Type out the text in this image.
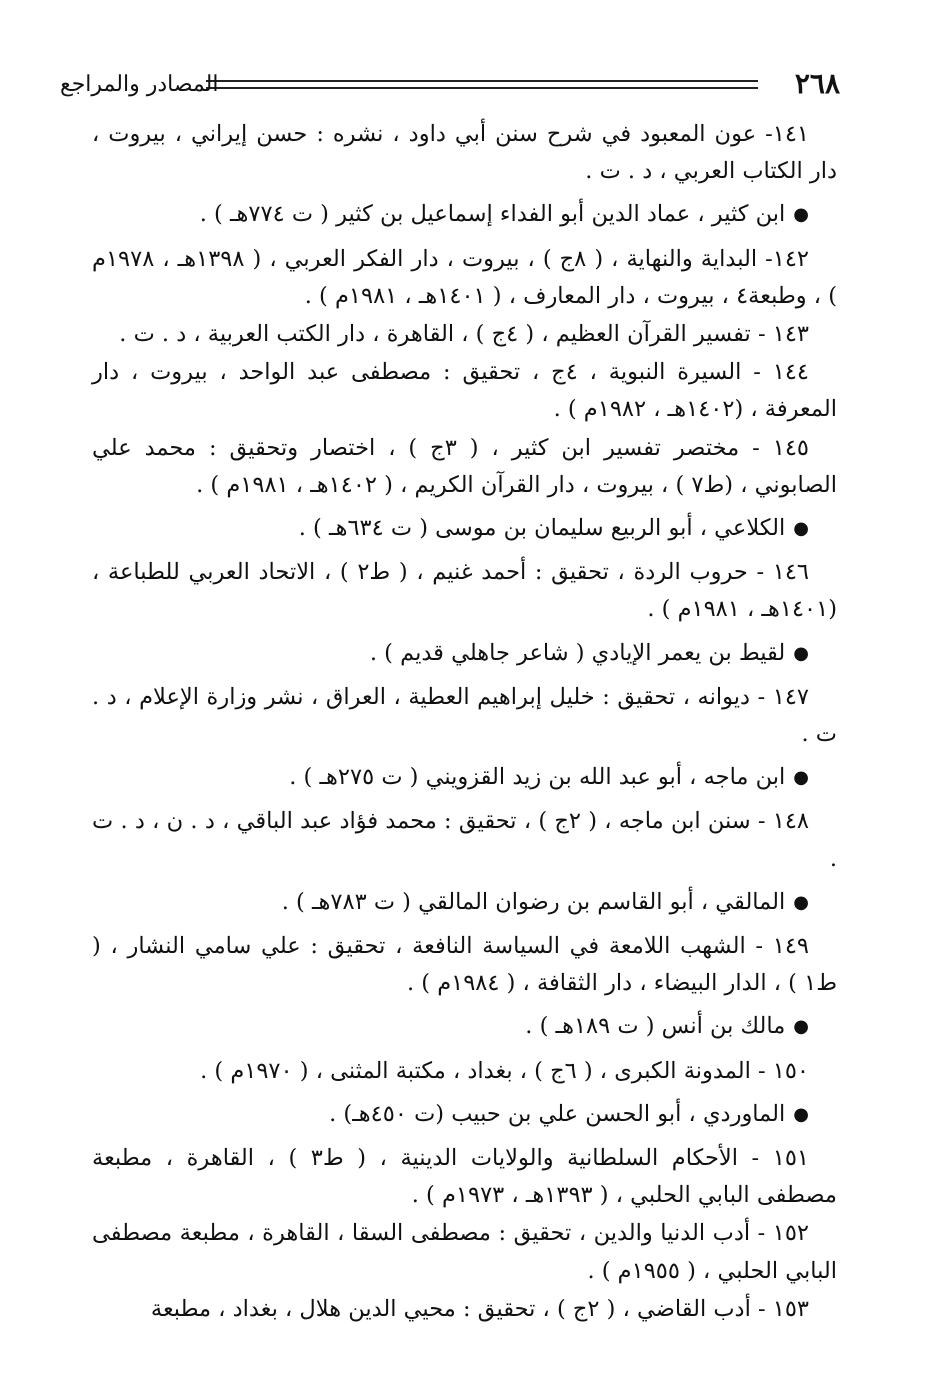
٢٦٨
المصادر والمراجع

١٤١- عون المعبود في شرح سنن أبي داود ، نشره : حسن إيراني ، بيروت ، دار الكتاب العربي ، د . ت .

●ابن كثير ، عماد الدين أبو الفداء إسماعيل بن كثير ( ت ٧٧٤هـ ) .

١٤٢- البداية والنهاية ، ( ٨ج ) ، بيروت ، دار الفكر العربي ، ( ١٣٩٨هـ ، ١٩٧٨م ) ، وطبعة٤ ، بيروت ، دار المعارف ، ( ١٤٠١هـ ، ١٩٨١م ) .

١٤٣ - تفسير القرآن العظيم ، ( ٤ج ) ، القاهرة ، دار الكتب العربية ، د . ت .

١٤٤ - السيرة النبوية ، ٤ج ، تحقيق : مصطفى عبد الواحد ، بيروت ، دار المعرفة ، (١٤٠٢هـ ، ١٩٨٢م ) .

١٤٥ - مختصر تفسير ابن كثير ، ( ٣ج ) ، اختصار وتحقيق : محمد علي الصابوني ، (ط٧ ) ، بيروت ، دار القرآن الكريم ، ( ١٤٠٢هـ ، ١٩٨١م ) .

●الكلاعي ، أبو الربيع سليمان بن موسى ( ت ٦٣٤هـ ) .

١٤٦ - حروب الردة ، تحقيق : أحمد غنيم ، ( ط٢ ) ، الاتحاد العربي للطباعة ، (١٤٠١هـ ، ١٩٨١م ) .

●لقيط بن يعمر الإيادي ( شاعر جاهلي قديم ) .

١٤٧ - ديوانه ، تحقيق : خليل إبراهيم العطية ، العراق ، نشر وزارة الإعلام ، د . ت .

●ابن ماجه ، أبو عبد الله بن زيد القزويني ( ت ٢٧٥هـ ) .

١٤٨ - سنن ابن ماجه ، ( ٢ج ) ، تحقيق : محمد فؤاد عبد الباقي ، د . ن ، د . ت .

●المالقي ، أبو القاسم بن رضوان المالقي ( ت ٧٨٣هـ ) .

١٤٩ - الشهب اللامعة في السياسة النافعة ، تحقيق : علي سامي النشار ، ( ط١ ) ، الدار البيضاء ، دار الثقافة ، ( ١٩٨٤م ) .

●مالك بن أنس ( ت ١٨٩هـ ) .

١٥٠ - المدونة الكبرى ، ( ٦ج ) ، بغداد ، مكتبة المثنى ، ( ١٩٧٠م ) .

●الماوردي ، أبو الحسن علي بن حبيب (ت ٤٥٠هـ) .

١٥١ - الأحكام السلطانية والولايات الدينية ، ( ط٣ ) ، القاهرة ، مطبعة مصطفى البابي الحلبي ، ( ١٣٩٣هـ ، ١٩٧٣م ) .

١٥٢ - أدب الدنيا والدين ، تحقيق : مصطفى السقا ، القاهرة ، مطبعة مصطفى البابي الحلبي ، ( ١٩٥٥م ) .

١٥٣ - أدب القاضي ، ( ٢ج ) ، تحقيق : محيي الدين هلال ، بغداد ، مطبعة
